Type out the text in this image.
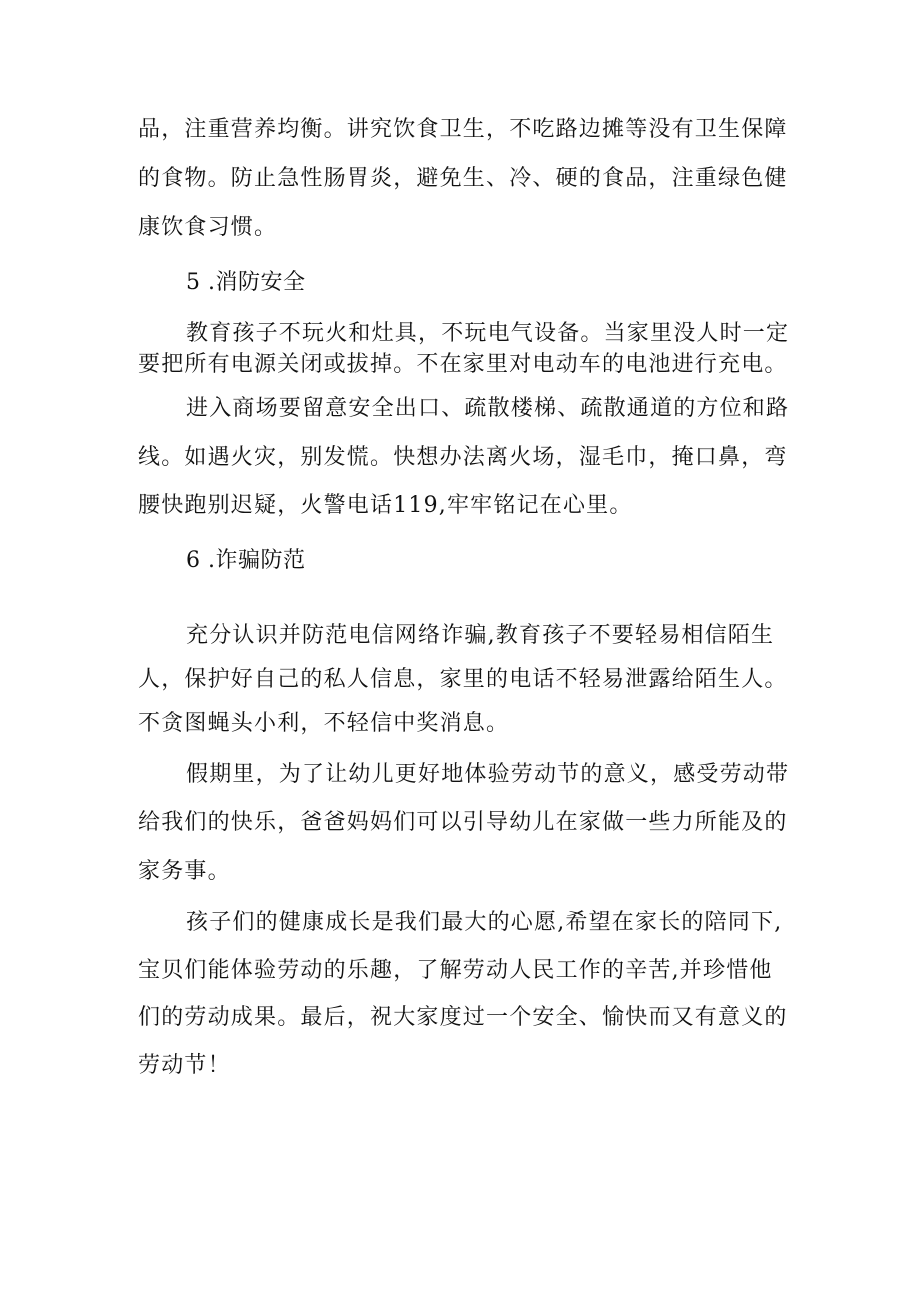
品，注重营养均衡。讲究饮食卫生，不吃路边摊等没有卫生保障
的食物。防止急性肠胃炎，避免生、冷、硬的食品，注重绿色健
康饮食习惯。
5 .消防安全
教育孩子不玩火和灶具，不玩电气设备。当家里没人时一定
要把所有电源关闭或拔掉。不在家里对电动车的电池进行充电。
进入商场要留意安全出口、疏散楼梯、疏散通道的方位和路
线。如遇火灾，别发慌。快想办法离火场，湿毛巾，掩口鼻，弯
腰快跑别迟疑，火警电话119,牢牢铭记在心里。
6 .诈骗防范
充分认识并防范电信网络诈骗,教育孩子不要轻易相信陌生
人，保护好自己的私人信息，家里的电话不轻易泄露给陌生人。
不贪图蝇头小利，不轻信中奖消息。
假期里，为了让幼儿更好地体验劳动节的意义，感受劳动带
给我们的快乐，爸爸妈妈们可以引导幼儿在家做一些力所能及的
家务事。
孩子们的健康成长是我们最大的心愿,希望在家长的陪同下,
宝贝们能体验劳动的乐趣，了解劳动人民工作的辛苦,并珍惜他
们的劳动成果。最后，祝大家度过一个安全、愉快而又有意义的
劳动节！
